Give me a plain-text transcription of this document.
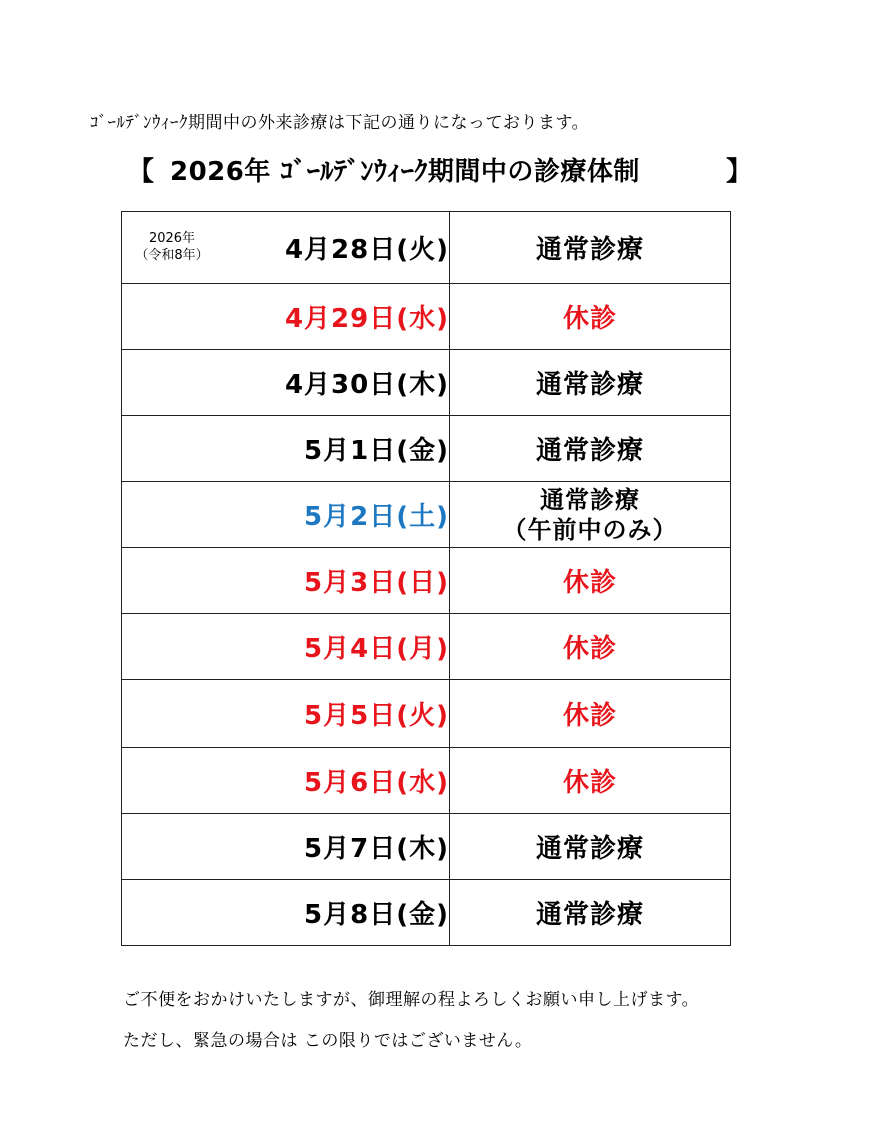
ｺﾞｰﾙﾃﾞﾝｳｨｰｸ期間中の外来診療は下記の通りになっております。
【 2026年 ｺﾞｰﾙﾃﾞﾝｳｨｰｸ期間中の診療体制	】
2026年
（令和8年） 4月28日(火)	通常診療
4月29日(水)	休診
4月30日(木)	通常診療
5月1日(金)	通常診療
5月2日(土)	通常診療
（午前中のみ）

5月3日(日)	休診
5月4日(月)	休診
5月5日(火)	休診
5月6日(水)	休診
5月7日(木)	通常診療
5月8日(金)	通常診療
ご不便をおかけいたしますが、御理解の程よろしくお願い申し上げます。
ただし、緊急の場合は この限りではございません。
